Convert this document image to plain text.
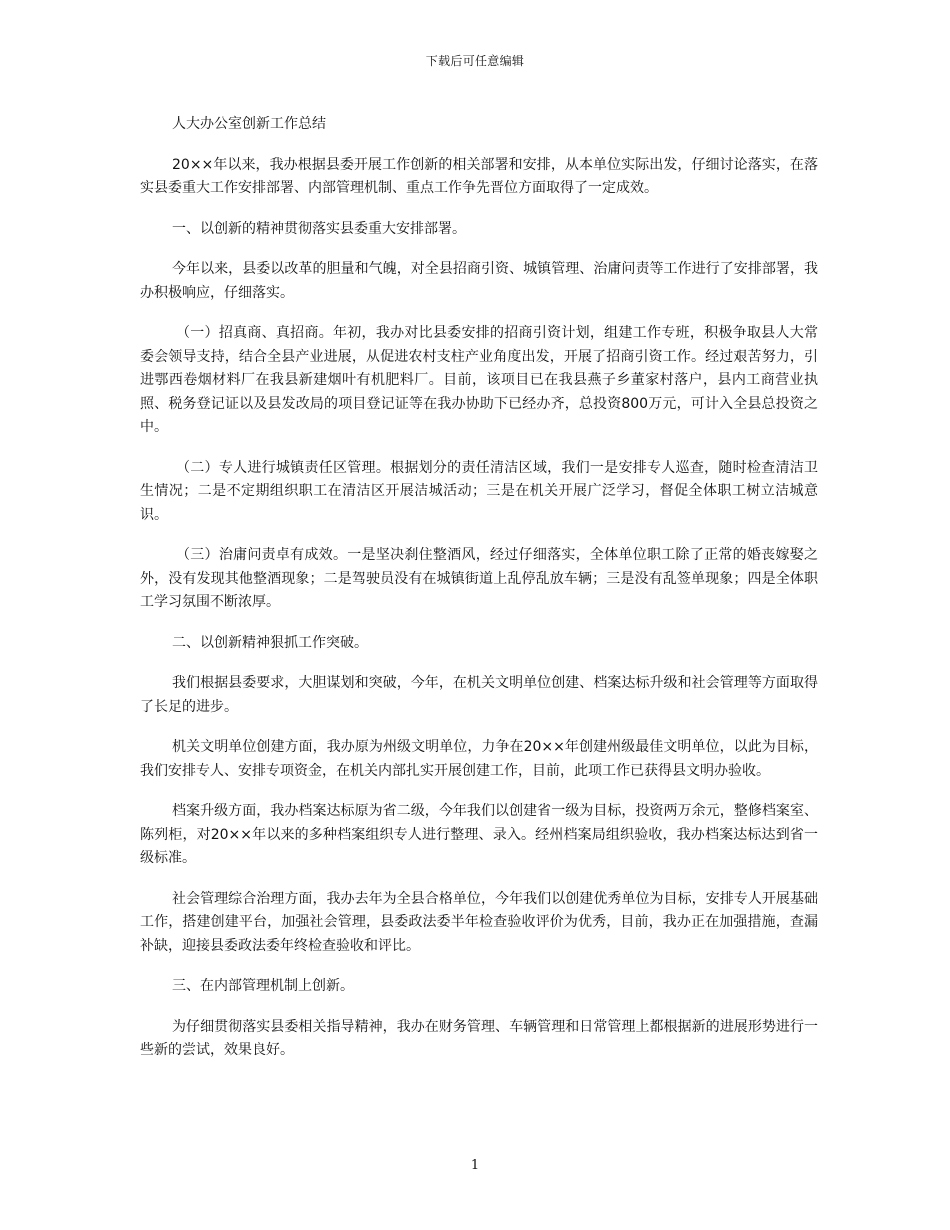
下载后可任意编辑

人大办公室创新工作总结

20××年以来，我办根据县委开展工作创新的相关部署和安排，从本单位实际出发，仔细讨论落实，在落实县委重大工作安排部署、内部管理机制、重点工作争先晋位方面取得了一定成效。

一、以创新的精神贯彻落实县委重大安排部署。

今年以来，县委以改革的胆量和气魄，对全县招商引资、城镇管理、治庸问责等工作进行了安排部署，我办积极响应，仔细落实。

（一）招真商、真招商。年初，我办对比县委安排的招商引资计划，组建工作专班，积极争取县人大常委会领导支持，结合全县产业进展，从促进农村支柱产业角度出发，开展了招商引资工作。经过艰苦努力，引进鄂西卷烟材料厂在我县新建烟叶有机肥料厂。目前，该项目已在我县燕子乡董家村落户，县内工商营业执照、税务登记证以及县发改局的项目登记证等在我办协助下已经办齐，总投资800万元，可计入全县总投资之中。

（二）专人进行城镇责任区管理。根据划分的责任清洁区域，我们一是安排专人巡查，随时检查清洁卫生情况；二是不定期组织职工在清洁区开展洁城活动；三是在机关开展广泛学习，督促全体职工树立洁城意识。

（三）治庸问责卓有成效。一是坚决刹住整酒风，经过仔细落实，全体单位职工除了正常的婚丧嫁娶之外，没有发现其他整酒现象；二是驾驶员没有在城镇街道上乱停乱放车辆；三是没有乱签单现象；四是全体职工学习氛围不断浓厚。

二、以创新精神狠抓工作突破。

我们根据县委要求，大胆谋划和突破，今年，在机关文明单位创建、档案达标升级和社会管理等方面取得了长足的进步。

机关文明单位创建方面，我办原为州级文明单位，力争在20××年创建州级最佳文明单位，以此为目标，我们安排专人、安排专项资金，在机关内部扎实开展创建工作，目前，此项工作已获得县文明办验收。

档案升级方面，我办档案达标原为省二级，今年我们以创建省一级为目标，投资两万余元，整修档案室、陈列柜，对20××年以来的多种档案组织专人进行整理、录入。经州档案局组织验收，我办档案达标达到省一级标准。

社会管理综合治理方面，我办去年为全县合格单位，今年我们以创建优秀单位为目标，安排专人开展基础工作，搭建创建平台，加强社会管理，县委政法委半年检查验收评价为优秀，目前，我办正在加强措施，查漏补缺，迎接县委政法委年终检查验收和评比。

三、在内部管理机制上创新。

为仔细贯彻落实县委相关指导精神，我办在财务管理、车辆管理和日常管理上都根据新的进展形势进行一些新的尝试，效果良好。

1
